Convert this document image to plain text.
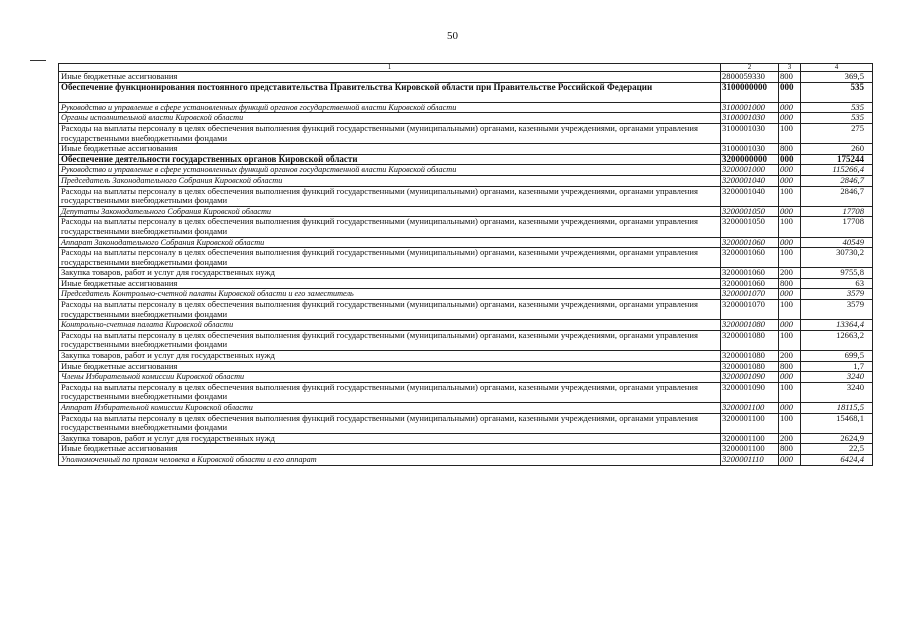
50
1	2	3	4
Иные бюджетные ассигнования	2800059330	800	369,5
Обеспечение функционирования постоянного представительства Правительства Кировской области при Правительстве Российской Федерации	3100000000	000	535
Руководство и управление в сфере установленных функций органов государственной власти Кировской области	3100001000	000	535
Органы исполнительной власти Кировской области	3100001030	000	535
Расходы на выплаты персоналу в целях обеспечения выполнения функций государственными (муниципальными) органами, казенными учреждениями, органами управления государственными внебюджетными фондами	3100001030	100	275
Иные бюджетные ассигнования	3100001030	800	260
Обеспечение деятельности государственных органов Кировской области	3200000000	000	175244
Руководство и управление в сфере установленных функций органов государственной власти Кировской области	3200001000	000	115266,4
Председатель Законодательного Собрания Кировской области	3200001040	000	2846,7
Расходы на выплаты персоналу в целях обеспечения выполнения функций государственными (муниципальными) органами, казенными учреждениями, органами управления государственными внебюджетными фондами	3200001040	100	2846,7
Депутаты Законодательного Собрания Кировской области	3200001050	000	17708
Расходы на выплаты персоналу в целях обеспечения выполнения функций государственными (муниципальными) органами, казенными учреждениями, органами управления государственными внебюджетными фондами	3200001050	100	17708
Аппарат Законодательного Собрания Кировской области	3200001060	000	40549
Расходы на выплаты персоналу в целях обеспечения выполнения функций государственными (муниципальными) органами, казенными учреждениями, органами управления государственными внебюджетными фондами	3200001060	100	30730,2
Закупка товаров, работ и услуг для государственных нужд	3200001060	200	9755,8
Иные бюджетные ассигнования	3200001060	800	63
Председатель Контрольно-счетной палаты Кировской области и его заместитель	3200001070	000	3579
Расходы на выплаты персоналу в целях обеспечения выполнения функций государственными (муниципальными) органами, казенными учреждениями, органами управления государственными внебюджетными фондами	3200001070	100	3579
Контрольно-счетная палата Кировской области	3200001080	000	13364,4
Расходы на выплаты персоналу в целях обеспечения выполнения функций государственными (муниципальными) органами, казенными учреждениями, органами управления государственными внебюджетными фондами	3200001080	100	12663,2
Закупка товаров, работ и услуг для государственных нужд	3200001080	200	699,5
Иные бюджетные ассигнования	3200001080	800	1,7
Члены Избирательной комиссии Кировской области	3200001090	000	3240
Расходы на выплаты персоналу в целях обеспечения выполнения функций государственными (муниципальными) органами, казенными учреждениями, органами управления государственными внебюджетными фондами	3200001090	100	3240
Аппарат Избирательной комиссии Кировской области	3200001100	000	18115,5
Расходы на выплаты персоналу в целях обеспечения выполнения функций государственными (муниципальными) органами, казенными учреждениями, органами управления государственными внебюджетными фондами	3200001100	100	15468,1
Закупка товаров, работ и услуг для государственных нужд	3200001100	200	2624,9
Иные бюджетные ассигнования	3200001100	800	22,5
Уполномоченный по правам человека в Кировской области и его аппарат	3200001110	000	6424,4
